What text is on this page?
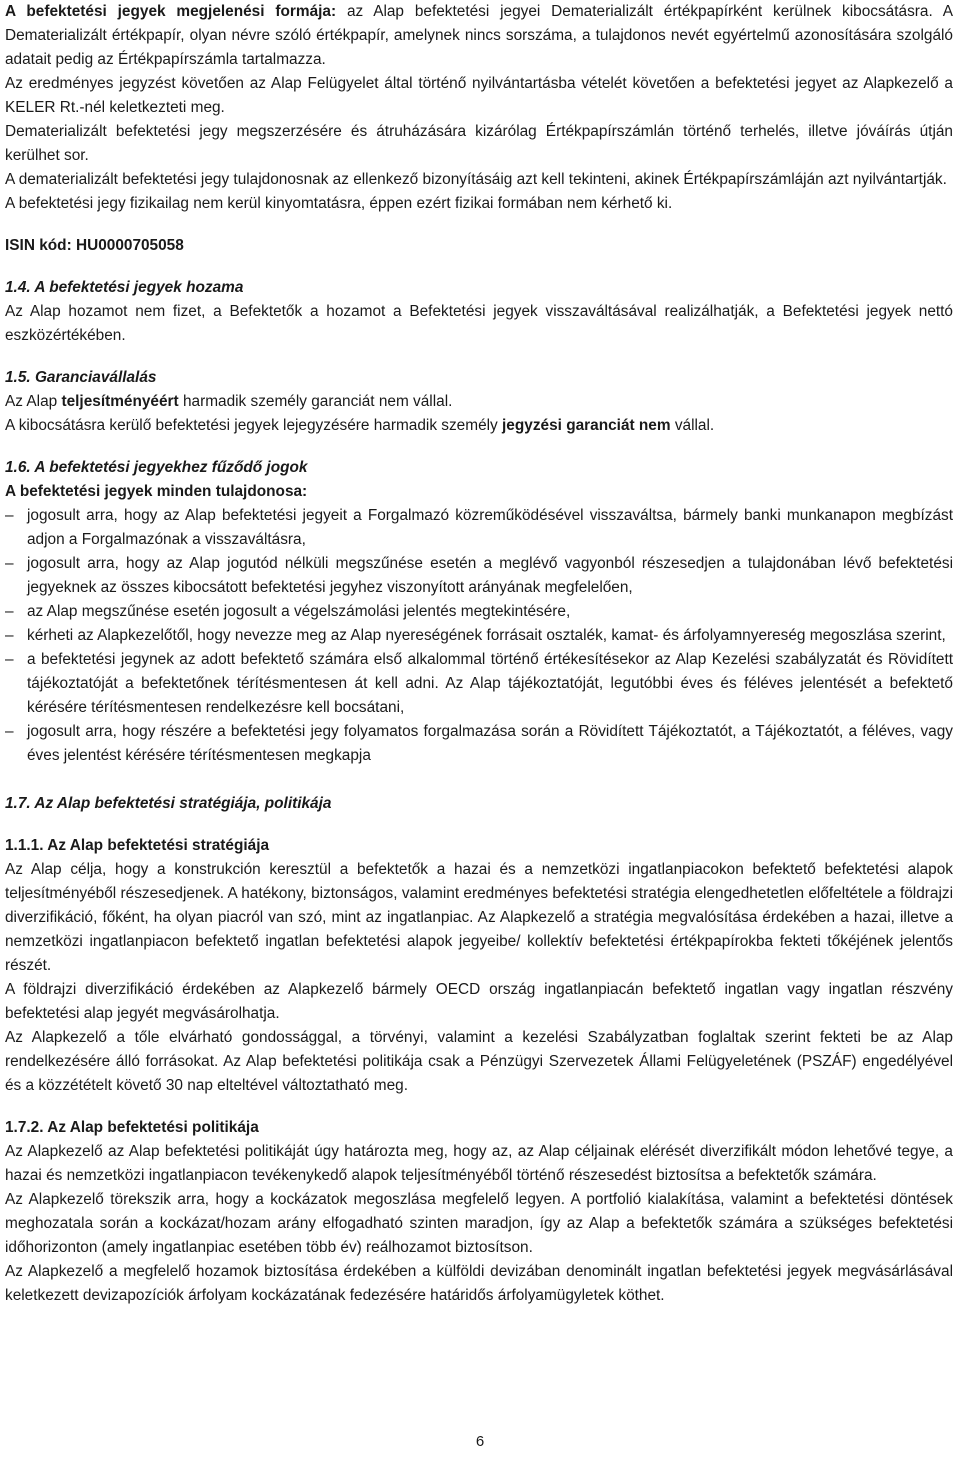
A befektetési jegyek megjelenési formája: az Alap befektetési jegyei Dematerializált értékpapírként kerülnek kibocsátásra. A Dematerializált értékpapír, olyan névre szóló értékpapír, amelynek nincs sorszáma, a tulajdonos nevét egyértelmű azonosítására szolgáló adatait pedig az Értékpapírszámla tartalmazza.

Az eredményes jegyzést követően az Alap Felügyelet által történő nyilvántartásba vételét követően a befektetési jegyet az Alapkezelő a KELER Rt.-nél keletkezteti meg.

Dematerializált befektetési jegy megszerzésére és átruházására kizárólag Értékpapírszámlán történő terhelés, illetve jóváírás útján kerülhet sor.

A dematerializált befektetési jegy tulajdonosnak az ellenkező bizonyításáig azt kell tekinteni, akinek Értékpapírszámláján azt nyilvántartják.

A befektetési jegy fizikailag nem kerül kinyomtatásra, éppen ezért fizikai formában nem kérhető ki.

ISIN kód: HU0000705058

1.4. A befektetési jegyek hozama

Az Alap hozamot nem fizet, a Befektetők a hozamot a Befektetési jegyek visszaváltásával realizálhatják, a Befektetési jegyek nettó eszközértékében.

1.5. Garanciavállalás

Az Alap teljesítményéért harmadik személy garanciát nem vállal.

A kibocsátásra kerülő befektetési jegyek lejegyzésére harmadik személy jegyzési garanciát nem vállal.

1.6. A befektetési jegyekhez fűződő jogok

A befektetési jegyek minden tulajdonosa:

– jogosult arra, hogy az Alap befektetési jegyeit a Forgalmazó közreműködésével visszaváltsa, bármely banki munkanapon megbízást adjon a Forgalmazónak a visszaváltásra,
– jogosult arra, hogy az Alap jogutód nélküli megszűnése esetén a meglévő vagyonból részesedjen a tulajdonában lévő befektetési jegyeknek az összes kibocsátott befektetési jegyhez viszonyított arányának megfelelően,
– az Alap megszűnése esetén jogosult a végelszámolási jelentés megtekintésére,
– kérheti az Alapkezelőtől, hogy nevezze meg az Alap nyereségének forrásait osztalék, kamat- és árfolyamnyereség megoszlása szerint,
– a befektetési jegynek az adott befektető számára első alkalommal történő értékesítésekor az Alap Kezelési szabályzatát és Rövidített tájékoztatóját a befektetőnek térítésmentesen át kell adni. Az Alap tájékoztatóját, legutóbbi éves és féléves jelentését a befektető kérésére térítésmentesen rendelkezésre kell bocsátani,
– jogosult arra, hogy részére a befektetési jegy folyamatos forgalmazása során a Rövidített Tájékoztatót, a Tájékoztatót, a féléves, vagy éves jelentést kérésére térítésmentesen megkapja

1.7. Az Alap befektetési stratégiája, politikája

1.1.1. Az Alap befektetési stratégiája

Az Alap célja, hogy a konstrukción keresztül a befektetők a hazai és a nemzetközi ingatlanpiacokon befektető befektetési alapok teljesítményéből részesedjenek. A hatékony, biztonságos, valamint eredményes befektetési stratégia elengedhetetlen előfeltétele a földrajzi diverzifikáció, főként, ha olyan piacról van szó, mint az ingatlanpiac. Az Alapkezelő a stratégia megvalósítása érdekében a hazai, illetve a nemzetközi ingatlanpiacon befektető ingatlan befektetési alapok jegyeibe/ kollektív befektetési értékpapírokba fekteti tőkéjének jelentős részét.

A földrajzi diverzifikáció érdekében az Alapkezelő bármely OECD ország ingatlanpiacán befektető ingatlan vagy ingatlan részvény befektetési alap jegyét megvásárolhatja.

Az Alapkezelő a tőle elvárható gondossággal, a törvényi, valamint a kezelési Szabályzatban foglaltak szerint fekteti be az Alap rendelkezésére álló forrásokat. Az Alap befektetési politikája csak a Pénzügyi Szervezetek Állami Felügyeletének (PSZÁF) engedélyével és a közzétételt követő 30 nap elteltével változtatható meg.

1.7.2. Az Alap befektetési politikája

Az Alapkezelő az Alap befektetési politikáját úgy határozta meg, hogy az, az Alap céljainak elérését diverzifikált módon lehetővé tegye, a hazai és nemzetközi ingatlanpiacon tevékenykedő alapok teljesítményéből történő részesedést biztosítsa a befektetők számára.

Az Alapkezelő törekszik arra, hogy a kockázatok megoszlása megfelelő legyen. A portfolió kialakítása, valamint a befektetési döntések meghozatala során a kockázat/hozam arány elfogadható szinten maradjon, így az Alap a befektetők számára a szükséges befektetési időhorizonton (amely ingatlanpiac esetében több év) reálhozamot biztosítson.

Az Alapkezelő a megfelelő hozamok biztosítása érdekében a külföldi devizában denominált ingatlan befektetési jegyek megvásárlásával keletkezett devizapozíciók árfolyam kockázatának fedezésére határidős árfolyamügyletek köthet.

6
